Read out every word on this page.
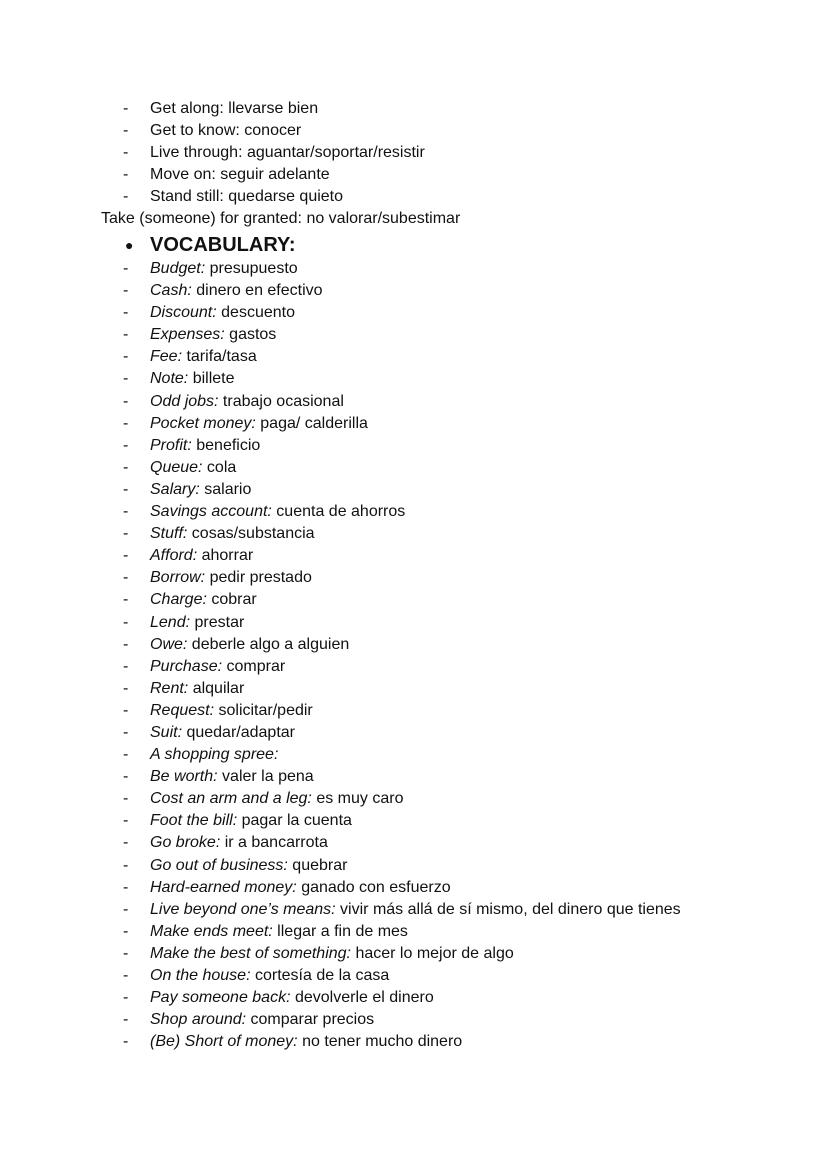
-	Get along: llevarse bien
-	Get to know: conocer
-	Live through: aguantar/soportar/resistir
-	Move on: seguir adelante
-	Stand still: quedarse quieto
Take (someone) for granted: no valorar/subestimar
● VOCABULARY:
-	Budget: presupuesto
-	Cash: dinero en efectivo
-	Discount: descuento
-	Expenses: gastos
-	Fee: tarifa/tasa
-	Note: billete
-	Odd jobs: trabajo ocasional
-	Pocket money: paga/ calderilla
-	Profit: beneficio
-	Queue: cola
-	Salary: salario
-	Savings account: cuenta de ahorros
-	Stuff: cosas/substancia
-	Afford: ahorrar
-	Borrow: pedir prestado
-	Charge: cobrar
-	Lend: prestar
-	Owe: deberle algo a alguien
-	Purchase: comprar
-	Rent: alquilar
-	Request: solicitar/pedir
-	Suit: quedar/adaptar
-	A shopping spree:
-	Be worth: valer la pena
-	Cost an arm and a leg: es muy caro
-	Foot the bill: pagar la cuenta
-	Go broke: ir a bancarrota
-	Go out of business: quebrar
-	Hard-earned money: ganado con esfuerzo
-	Live beyond one’s means: vivir más allá de sí mismo, del dinero que tienes
-	Make ends meet: llegar a fin de mes
-	Make the best of something: hacer lo mejor de algo
-	On the house: cortesía de la casa
-	Pay someone back: devolverle el dinero
-	Shop around: comparar precios
-	(Be) Short of money: no tener mucho dinero
